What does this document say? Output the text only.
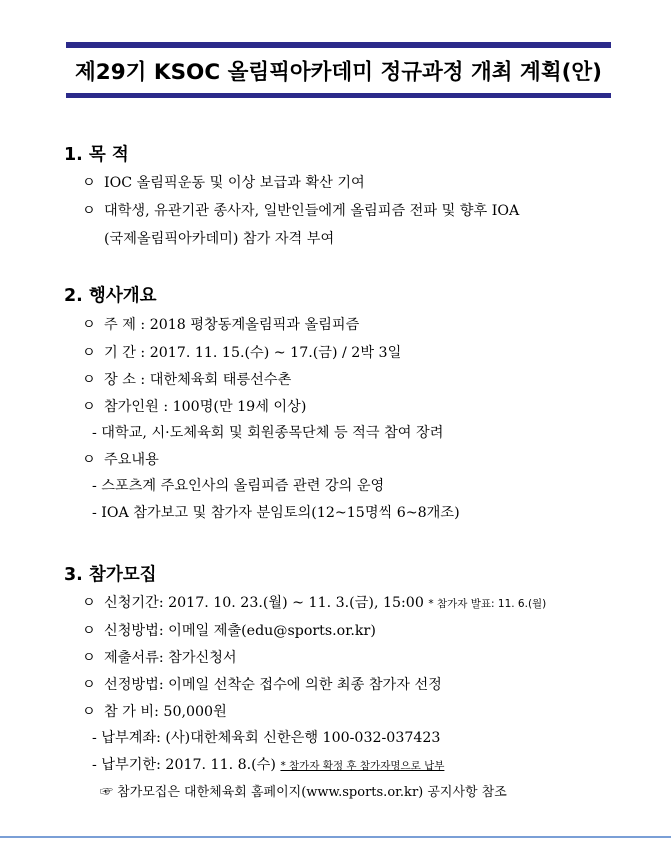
제29기 KSOC 올림픽아카데미 정규과정 개최 계획(안)
1. 목 적
ㅇ IOC 올림픽운동 및 이상 보급과 확산 기여
ㅇ 대학생, 유관기관 종사자, 일반인들에게 올림피즘 전파 및 향후 IOA
(국제올림픽아카데미) 참가 자격 부여
2. 행사개요
ㅇ 주 제 : 2018 평창동계올림픽과 올림피즘
ㅇ 기 간 : 2017. 11. 15.(수) ~ 17.(금) / 2박 3일
ㅇ 장 소 : 대한체육회 태릉선수촌
ㅇ 참가인원 : 100명(만 19세 이상)
- 대학교, 시·도체육회 및 회원종목단체 등 적극 참여 장려
ㅇ 주요내용
- 스포츠계 주요인사의 올림피즘 관련 강의 운영
- IOA 참가보고 및 참가자 분임토의(12~15명씩 6~8개조)
3. 참가모집
ㅇ 신청기간: 2017. 10. 23.(월) ~ 11. 3.(금), 15:00 * 참가자 발표: 11. 6.(월)
ㅇ 신청방법: 이메일 제출(edu@sports.or.kr)
ㅇ 제출서류: 참가신청서
ㅇ 선정방법: 이메일 선착순 접수에 의한 최종 참가자 선정
ㅇ 참 가 비: 50,000원
- 납부계좌: (사)대한체육회 신한은행 100-032-037423
- 납부기한: 2017. 11. 8.(수) * 참가자 확정 후 참가자명으로 납부
☞ 참가모집은 대한체육회 홈페이지(www.sports.or.kr) 공지사항 참조
